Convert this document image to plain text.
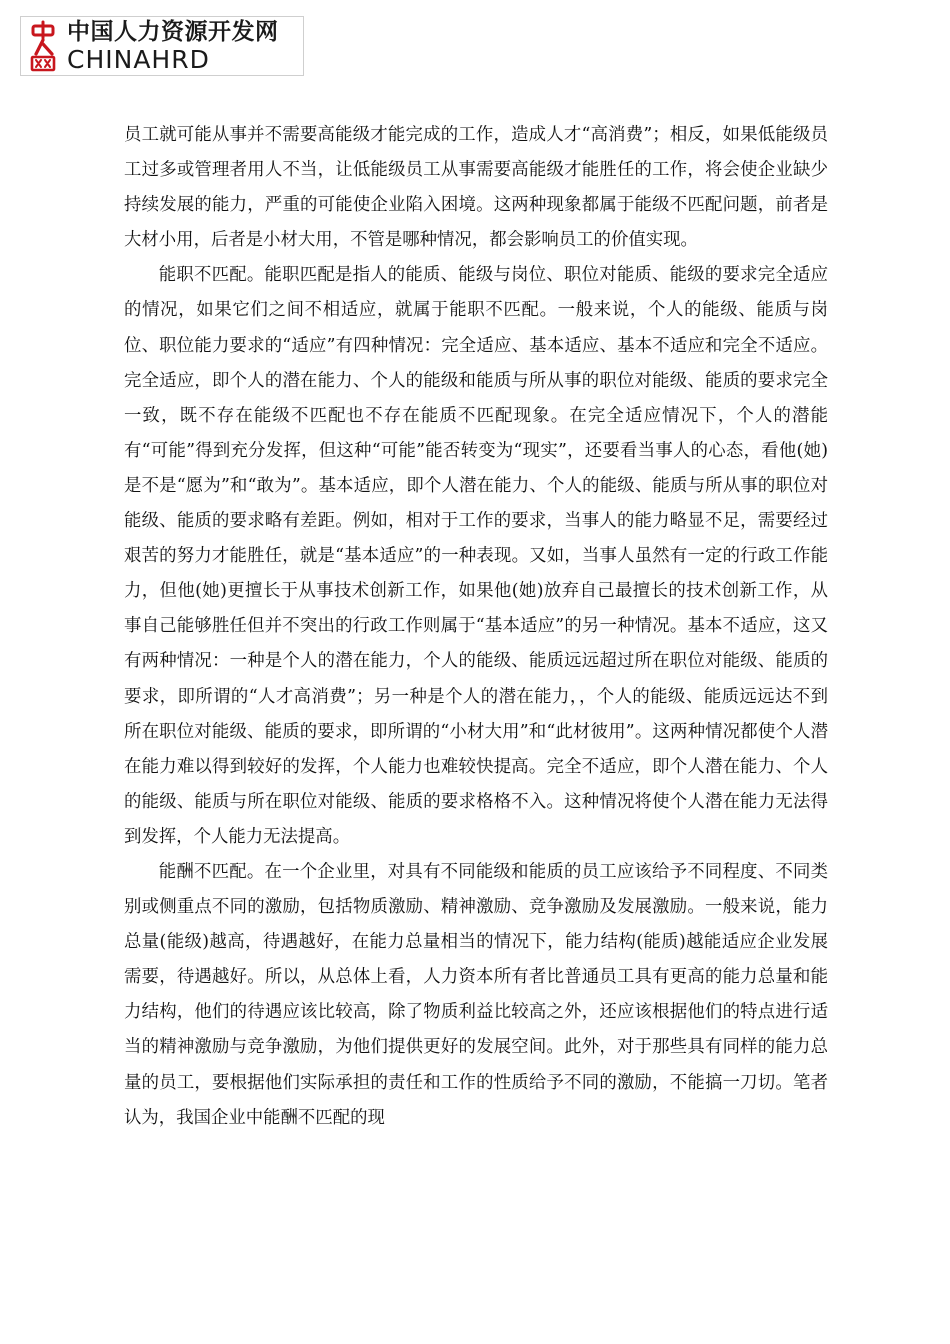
中国人力资源开发网
CHINAHRD

员工就可能从事并不需要高能级才能完成的工作，造成人才“高消费”；相反，如果低能级员工过多或管理者用人不当，让低能级员工从事需要高能级才能胜任的工作，将会使企业缺少持续发展的能力，严重的可能使企业陷入困境。这两种现象都属于能级不匹配问题，前者是大材小用，后者是小材大用，不管是哪种情况，都会影响员工的价值实现。

能职不匹配。能职匹配是指人的能质、能级与岗位、职位对能质、能级的要求完全适应的情况，如果它们之间不相适应，就属于能职不匹配。一般来说，个人的能级、能质与岗位、职位能力要求的“适应”有四种情况：完全适应、基本适应、基本不适应和完全不适应。完全适应，即个人的潜在能力、个人的能级和能质与所从事的职位对能级、能质的要求完全一致，既不存在能级不匹配也不存在能质不匹配现象。在完全适应情况下，个人的潜能有“可能”得到充分发挥，但这种“可能”能否转变为“现实”，还要看当事人的心态，看他(她)是不是“愿为”和“敢为”。基本适应，即个人潜在能力、个人的能级、能质与所从事的职位对能级、能质的要求略有差距。例如，相对于工作的要求，当事人的能力略显不足，需要经过艰苦的努力才能胜任，就是“基本适应”的一种表现。又如，当事人虽然有一定的行政工作能力，但他(她)更擅长于从事技术创新工作，如果他(她)放弃自己最擅长的技术创新工作，从事自己能够胜任但并不突出的行政工作则属于“基本适应”的另一种情况。基本不适应，这又有两种情况：一种是个人的潜在能力，个人的能级、能质远远超过所在职位对能级、能质的要求，即所谓的“人才高消费”；另一种是个人的潜在能力，，个人的能级、能质远远达不到所在职位对能级、能质的要求，即所谓的“小材大用”和“此材彼用”。这两种情况都使个人潜在能力难以得到较好的发挥，个人能力也难较快提高。完全不适应，即个人潜在能力、个人的能级、能质与所在职位对能级、能质的要求格格不入。这种情况将使个人潜在能力无法得到发挥，个人能力无法提高。

能酬不匹配。在一个企业里，对具有不同能级和能质的员工应该给予不同程度、不同类别或侧重点不同的激励，包括物质激励、精神激励、竞争激励及发展激励。一般来说，能力总量(能级)越高，待遇越好，在能力总量相当的情况下，能力结构(能质)越能适应企业发展需要，待遇越好。所以，从总体上看，人力资本所有者比普通员工具有更高的能力总量和能力结构，他们的待遇应该比较高，除了物质利益比较高之外，还应该根据他们的特点进行适当的精神激励与竞争激励，为他们提供更好的发展空间。此外，对于那些具有同样的能力总量的员工，要根据他们实际承担的责任和工作的性质给予不同的激励，不能搞一刀切。笔者认为，我国企业中能酬不匹配的现
